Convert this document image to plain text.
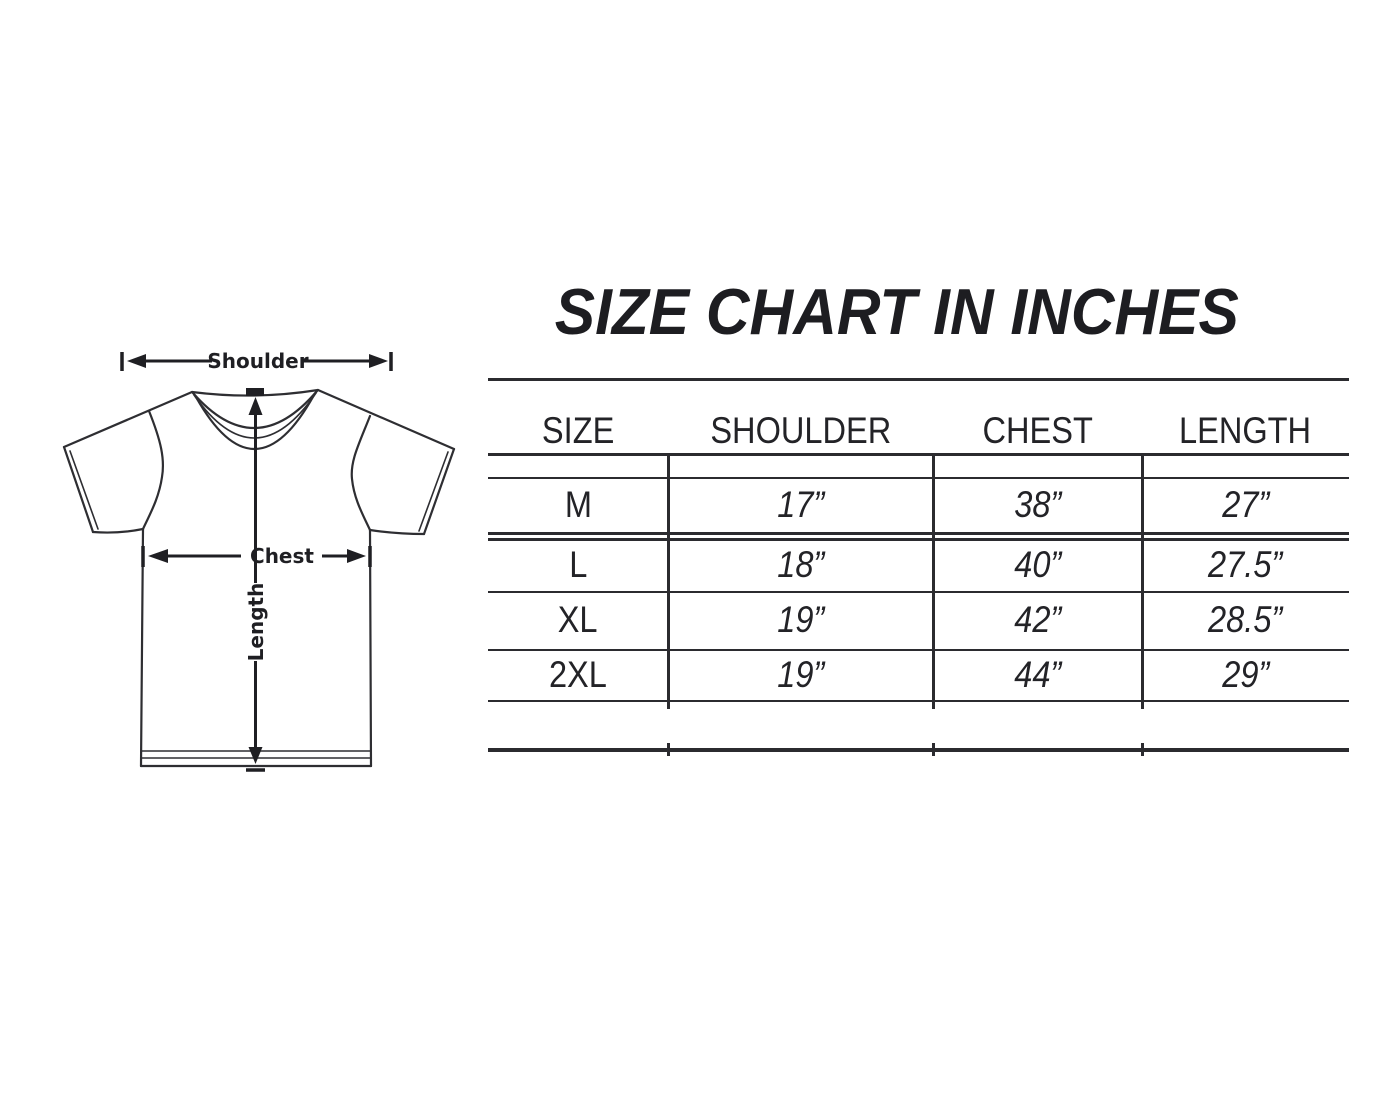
Shoulder
Chest
Length
SIZE CHART IN INCHES
SIZE	SHOULDER CHEST LENGTH
M	17”	38”	27”
L	18”	40”	27.5”
XL	19”	42”	28.5”
2XL	19”	44”	29”
